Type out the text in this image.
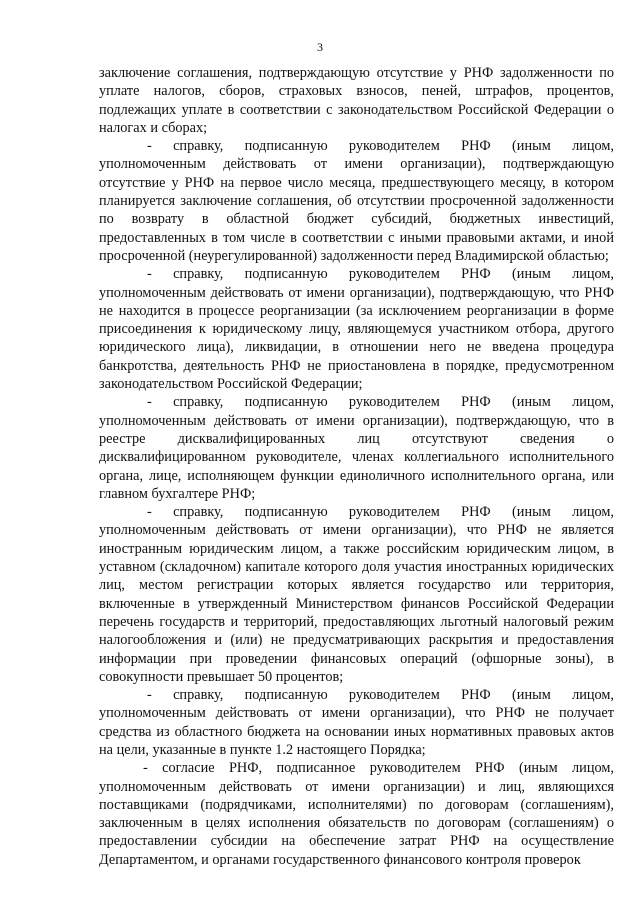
3

заключение соглашения, подтверждающую отсутствие у РНФ задолженности по уплате налогов, сборов, страховых взносов, пеней, штрафов, процентов, подлежащих уплате в соответствии с законодательством Российской Федерации о налогах и сборах;

- справку, подписанную руководителем РНФ (иным лицом, уполномоченным действовать от имени организации), подтверждающую отсутствие у РНФ на первое число месяца, предшествующего месяцу, в котором планируется заключение соглашения, об отсутствии просроченной задолженности по возврату в областной бюджет субсидий, бюджетных инвестиций, предоставленных в том числе в соответствии с иными правовыми актами, и иной просроченной (неурегулированной) задолженности перед Владимирской областью;

- справку, подписанную руководителем РНФ (иным лицом, уполномоченным действовать от имени организации), подтверждающую, что РНФ не находится в процессе реорганизации (за исключением реорганизации в форме присоединения к юридическому лицу, являющемуся участником отбора, другого юридического лица), ликвидации, в отношении него не введена процедура банкротства, деятельность РНФ не приостановлена в порядке, предусмотренном законодательством Российской Федерации;

- справку, подписанную руководителем РНФ (иным лицом, уполномоченным действовать от имени организации), подтверждающую, что в реестре дисквалифицированных лиц отсутствуют сведения о дисквалифицированном руководителе, членах коллегиального исполнительного органа, лице, исполняющем функции единоличного исполнительного органа, или главном бухгалтере РНФ;

- справку, подписанную руководителем РНФ (иным лицом, уполномоченным действовать от имени организации), что РНФ не является иностранным юридическим лицом, а также российским юридическим лицом, в уставном (складочном) капитале которого доля участия иностранных юридических лиц, местом регистрации которых является государство или территория, включенные в утвержденный Министерством финансов Российской Федерации перечень государств и территорий, предоставляющих льготный налоговый режим налогообложения и (или) не предусматривающих раскрытия и предоставления информации при проведении финансовых операций (офшорные зоны), в совокупности превышает 50 процентов;

- справку, подписанную руководителем РНФ (иным лицом, уполномоченным действовать от имени организации), что РНФ не получает средства из областного бюджета на основании иных нормативных правовых актов на цели, указанные в пункте 1.2 настоящего Порядка;

- согласие РНФ, подписанное руководителем РНФ (иным лицом, уполномоченным действовать от имени организации) и лиц, являющихся поставщиками (подрядчиками, исполнителями) по договорам (соглашениям), заключенным в целях исполнения обязательств по договорам (соглашениям) о предоставлении субсидии на обеспечение затрат РНФ на осуществление Департаментом, и органами государственного финансового контроля проверок
